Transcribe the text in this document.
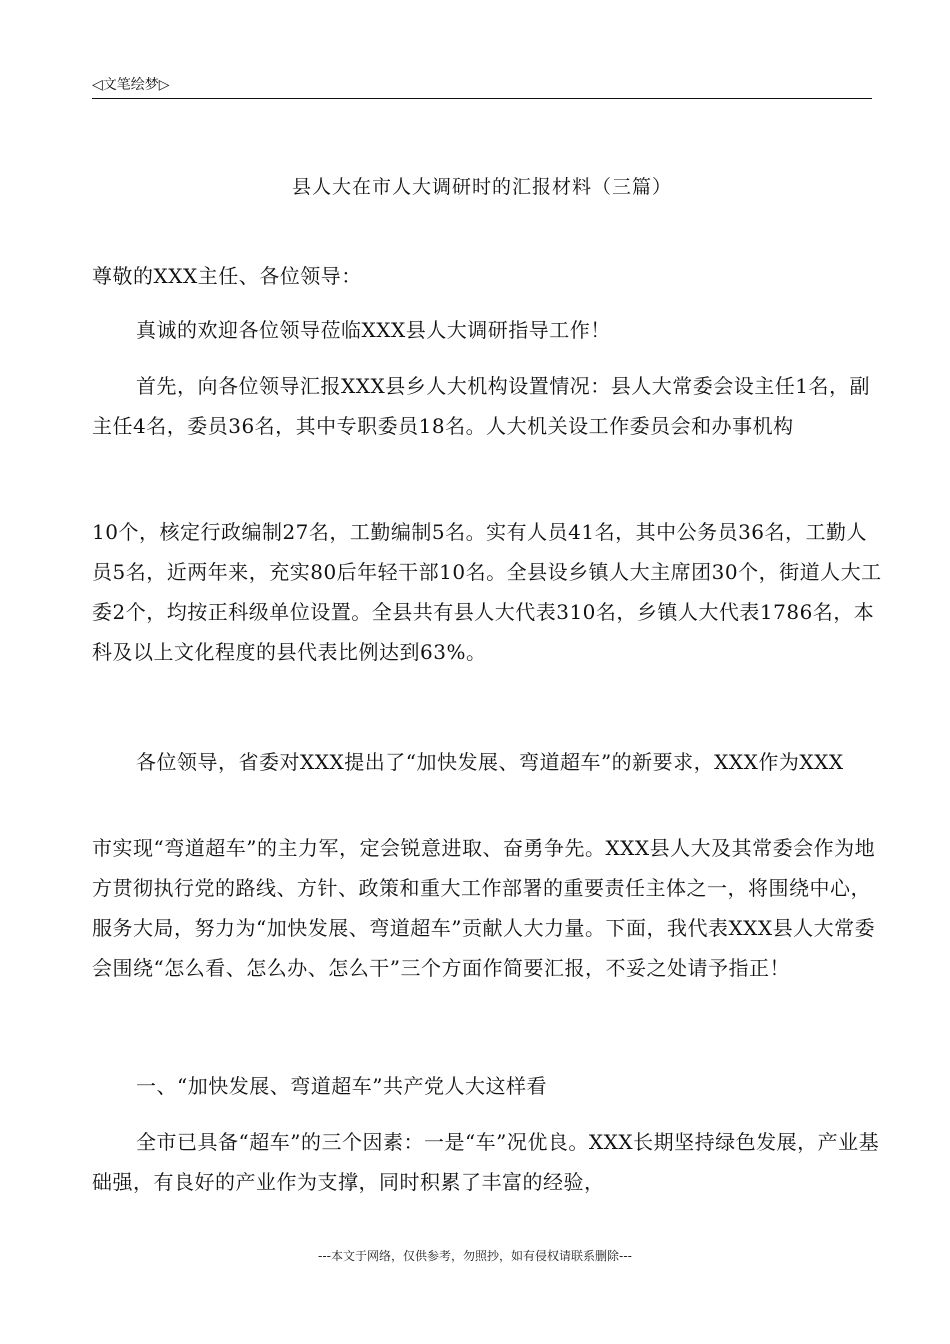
◁文笔绘梦▷
县人大在市人大调研时的汇报材料（三篇）
尊敬的XXX主任、各位领导：
真诚的欢迎各位领导莅临XXX县人大调研指导工作！
首先，向各位领导汇报XXX县乡人大机构设置情况：县人大常委会设主任1名，副主任4名，委员36名，其中专职委员18名。人大机关设工作委员会和办事机构
10个，核定行政编制27名，工勤编制5名。实有人员41名，其中公务员36名，工勤人员5名，近两年来，充实80后年轻干部10名。全县设乡镇人大主席团30个，街道人大工委2个，均按正科级单位设置。全县共有县人大代表310名，乡镇人大代表1786名，本科及以上文化程度的县代表比例达到63%。
各位领导，省委对XXX提出了“加快发展、弯道超车”的新要求，XXX作为XXX
市实现“弯道超车”的主力军，定会锐意进取、奋勇争先。XXX县人大及其常委会作为地方贯彻执行党的路线、方针、政策和重大工作部署的重要责任主体之一，将围绕中心，服务大局，努力为“加快发展、弯道超车”贡献人大力量。下面，我代表XXX县人大常委会围绕“怎么看、怎么办、怎么干”三个方面作简要汇报，不妥之处请予指正！
一、“加快发展、弯道超车”共产党人大这样看
全市已具备“超车”的三个因素：一是“车”况优良。XXX长期坚持绿色发展，产业基础强，有良好的产业作为支撑，同时积累了丰富的经验，
---本文于网络，仅供参考，勿照抄，如有侵权请联系删除---
